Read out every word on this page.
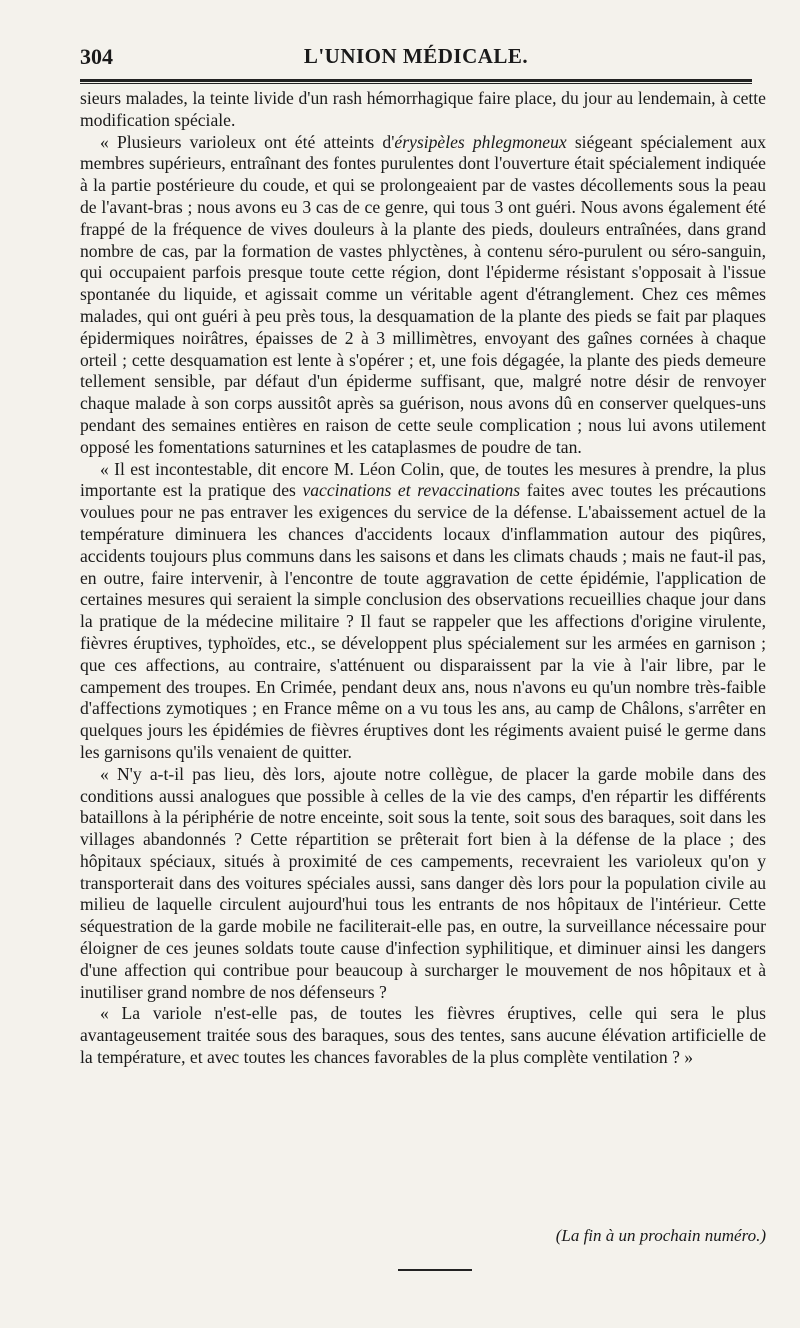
304	L'UNION MÉDICALE.

sieurs malades, la teinte livide d'un rash hémorrhagique faire place, du jour au lendemain, à cette modification spéciale.

« Plusieurs varioleux ont été atteints d'érysipèles phlegmoneux siégeant spécialement aux membres supérieurs, entraînant des fontes purulentes dont l'ouverture était spécialement indiquée à la partie postérieure du coude, et qui se prolongeaient par de vastes décollements sous la peau de l'avant-bras ; nous avons eu 3 cas de ce genre, qui tous 3 ont guéri. Nous avons également été frappé de la fréquence de vives douleurs à la plante des pieds, douleurs entraînées, dans grand nombre de cas, par la formation de vastes phlyctènes, à contenu séro-purulent ou séro-sanguin, qui occupaient parfois presque toute cette région, dont l'épiderme résistant s'opposait à l'issue spontanée du liquide, et agissait comme un véritable agent d'étranglement. Chez ces mêmes malades, qui ont guéri à peu près tous, la desquamation de la plante des pieds se fait par plaques épidermiques noirâtres, épaisses de 2 à 3 millimètres, envoyant des gaînes cornées à chaque orteil ; cette desquamation est lente à s'opérer ; et, une fois dégagée, la plante des pieds demeure tellement sensible, par défaut d'un épiderme suffisant, que, malgré notre désir de renvoyer chaque malade à son corps aussitôt après sa guérison, nous avons dû en conserver quelques-uns pendant des semaines entières en raison de cette seule complication ; nous lui avons utilement opposé les fomentations saturnines et les cataplasmes de poudre de tan.

« Il est incontestable, dit encore M. Léon Colin, que, de toutes les mesures à prendre, la plus importante est la pratique des vaccinations et revaccinations faites avec toutes les précautions voulues pour ne pas entraver les exigences du service de la défense. L'abaissement actuel de la température diminuera les chances d'accidents locaux d'inflammation autour des piqûres, accidents toujours plus communs dans les saisons et dans les climats chauds ; mais ne faut-il pas, en outre, faire intervenir, à l'encontre de toute aggravation de cette épidémie, l'application de certaines mesures qui seraient la simple conclusion des observations recueillies chaque jour dans la pratique de la médecine militaire ? Il faut se rappeler que les affections d'origine virulente, fièvres éruptives, typhoïdes, etc., se développent plus spécialement sur les armées en garnison ; que ces affections, au contraire, s'atténuent ou disparaissent par la vie à l'air libre, par le campement des troupes. En Crimée, pendant deux ans, nous n'avons eu qu'un nombre très-faible d'affections zymotiques ; en France même on a vu tous les ans, au camp de Châlons, s'arrêter en quelques jours les épidémies de fièvres éruptives dont les régiments avaient puisé le germe dans les garnisons qu'ils venaient de quitter.

« N'y a-t-il pas lieu, dès lors, ajoute notre collègue, de placer la garde mobile dans des conditions aussi analogues que possible à celles de la vie des camps, d'en répartir les différents bataillons à la périphérie de notre enceinte, soit sous la tente, soit sous des baraques, soit dans les villages abandonnés ? Cette répartition se prêterait fort bien à la défense de la place ; des hôpitaux spéciaux, situés à proximité de ces campements, recevraient les varioleux qu'on y transporterait dans des voitures spéciales aussi, sans danger dès lors pour la population civile au milieu de laquelle circulent aujourd'hui tous les entrants de nos hôpitaux de l'intérieur. Cette séquestration de la garde mobile ne faciliterait-elle pas, en outre, la surveillance nécessaire pour éloigner de ces jeunes soldats toute cause d'infection syphilitique, et diminuer ainsi les dangers d'une affection qui contribue pour beaucoup à surcharger le mouvement de nos hôpitaux et à inutiliser grand nombre de nos défenseurs ?

« La variole n'est-elle pas, de toutes les fièvres éruptives, celle qui sera le plus avantageusement traitée sous des baraques, sous des tentes, sans aucune élévation artificielle de la température, et avec toutes les chances favorables de la plus complète ventilation ? »

(La fin à un prochain numéro.)
